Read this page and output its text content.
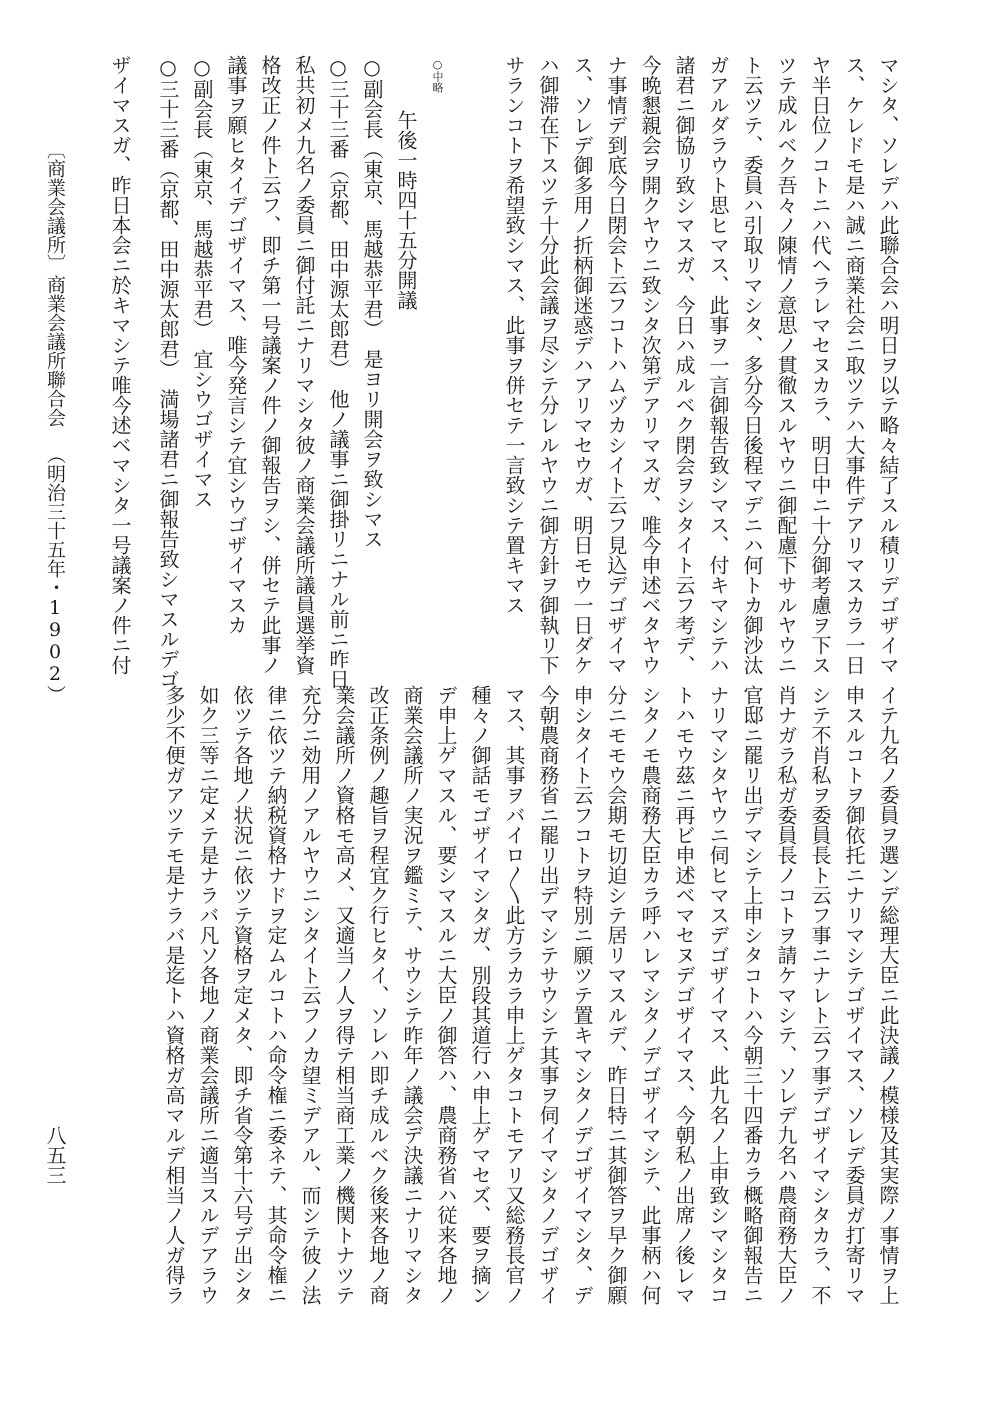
マシタ、ソレデハ此聯合会ハ明日ヲ以テ略々結了スル積リデゴザイマ
ス、ケレドモ是ハ誠ニ商業社会ニ取ツテハ大事件デアリマスカラ一日
ヤ半日位ノコトニハ代ヘラレマセヌカラ、明日中ニ十分御考慮ヲ下ス
ツテ成ルベク吾々ノ陳情ノ意思ノ貫徹スルヤウニ御配慮下サルヤウニ
ト云ツテ、委員ハ引取リマシタ、多分今日後程マデニハ何トカ御沙汰
ガアルダラウト思ヒマス、此事ヲ一言御報告致シマス、付キマシテハ
諸君ニ御協リ致シマスガ、今日ハ成ルベク閉会ヲシタイト云フ考デ、
今晩懇親会ヲ開クヤウニ致シタ次第デアリマスガ、唯今申述ベタヤウ
ナ事情デ到底今日閉会ト云フコトハムヅカシイト云フ見込デゴザイマ
ス、ソレデ御多用ノ折柄御迷惑デハアリマセウガ、明日モウ一日ダケ
ハ御滞在下スツテ十分此会議ヲ尽シテ分レルヤウニ御方針ヲ御執リ下
サランコトヲ希望致シマス、此事ヲ併セテ一言致シテ置キマス
○中略
午後一時四十五分開議
○副会長（東京、馬越恭平君）　是ヨリ開会ヲ致シマス
○三十三番（京都、田中源太郎君）　他ノ議事ニ御掛リニナル前ニ昨日
私共初メ九名ノ委員ニ御付託ニナリマシタ彼ノ商業会議所議員選挙資
格改正ノ件ト云フ、即チ第一号議案ノ件ノ御報告ヲシ、併セテ此事ノ
議事ヲ願ヒタイデゴザイマス、唯今発言シテ宜シウゴザイマスカ
○副会長（東京、馬越恭平君）　宜シウゴザイマス
○三十三番（京都、田中源太郎君）　満場諸君ニ御報告致シマスルデゴ
ザイマスガ、昨日本会ニ於キマシテ唯今述ベマシタ一号議案ノ件ニ付
〔商業会議所〕
商業会議所聯合会
（明治三十五年・1902）
イテ九名ノ委員ヲ選ンデ総理大臣ニ此決議ノ模様及其実際ノ事情ヲ上
申スルコトヲ御依托ニナリマシテゴザイマス、ソレデ委員ガ打寄リマ
シテ不肖私ヲ委員長ト云フ事ニナレト云フ事デゴザイマシタカラ、不
肖ナガラ私ガ委員長ノコトヲ請ケマシテ、ソレデ九名ハ農商務大臣ノ
官邸ニ罷リ出デマシテ上申シタコトハ今朝三十四番カラ概略御報告ニ
ナリマシタヤウニ伺ヒマスデゴザイマス、此九名ノ上申致シマシタコ
トハモウ茲ニ再ビ申述ベマセヌデゴザイマス、今朝私ノ出席ノ後レマ
シタノモ農商務大臣カラ呼ハレマシタノデゴザイマシテ、此事柄ハ何
分ニモモウ会期モ切迫シテ居リマスルデ、昨日特ニ其御答ヲ早ク御願
申シタイト云フコトヲ特別ニ願ツテ置キマシタノデゴザイマシタ、デ
今朝農商務省ニ罷リ出デマシテサウシテ其事ヲ伺イマシタノデゴザイ
マス、其事ヲバイロ〳〵此方ラカラ申上ゲタコトモアリ又総務長官ノ
種々ノ御話モゴザイマシタガ、別段其道行ハ申上ゲマセズ、要ヲ摘ン
デ申上ゲマスル、要シマスルニ大臣ノ御答ハ、農商務省ハ従来各地ノ
商業会議所ノ実況ヲ鑑ミテ、サウシテ昨年ノ議会デ決議ニナリマシタ
改正条例ノ趣旨ヲ程宜ク行ヒタイ、ソレハ即チ成ルベク後来各地ノ商
業会議所ノ資格モ高メ、又適当ノ人ヲ得テ相当商工業ノ機関トナツテ
充分ニ効用ノアルヤウニシタイト云フノカ望ミデアル、而シテ彼ノ法
律ニ依ツテ納税資格ナドヲ定ムルコトハ命令権ニ委ネテ、其命令権ニ
依ツテ各地ノ状況ニ依ツテ資格ヲ定メタ、即チ省令第十六号デ出シタ
如ク三等ニ定メテ是ナラバ凡ソ各地ノ商業会議所ニ適当スルデアラウ
多少不便ガアツテモ是ナラバ是迄トハ資格ガ高マルデ相当ノ人ガ得ラ
八五三
